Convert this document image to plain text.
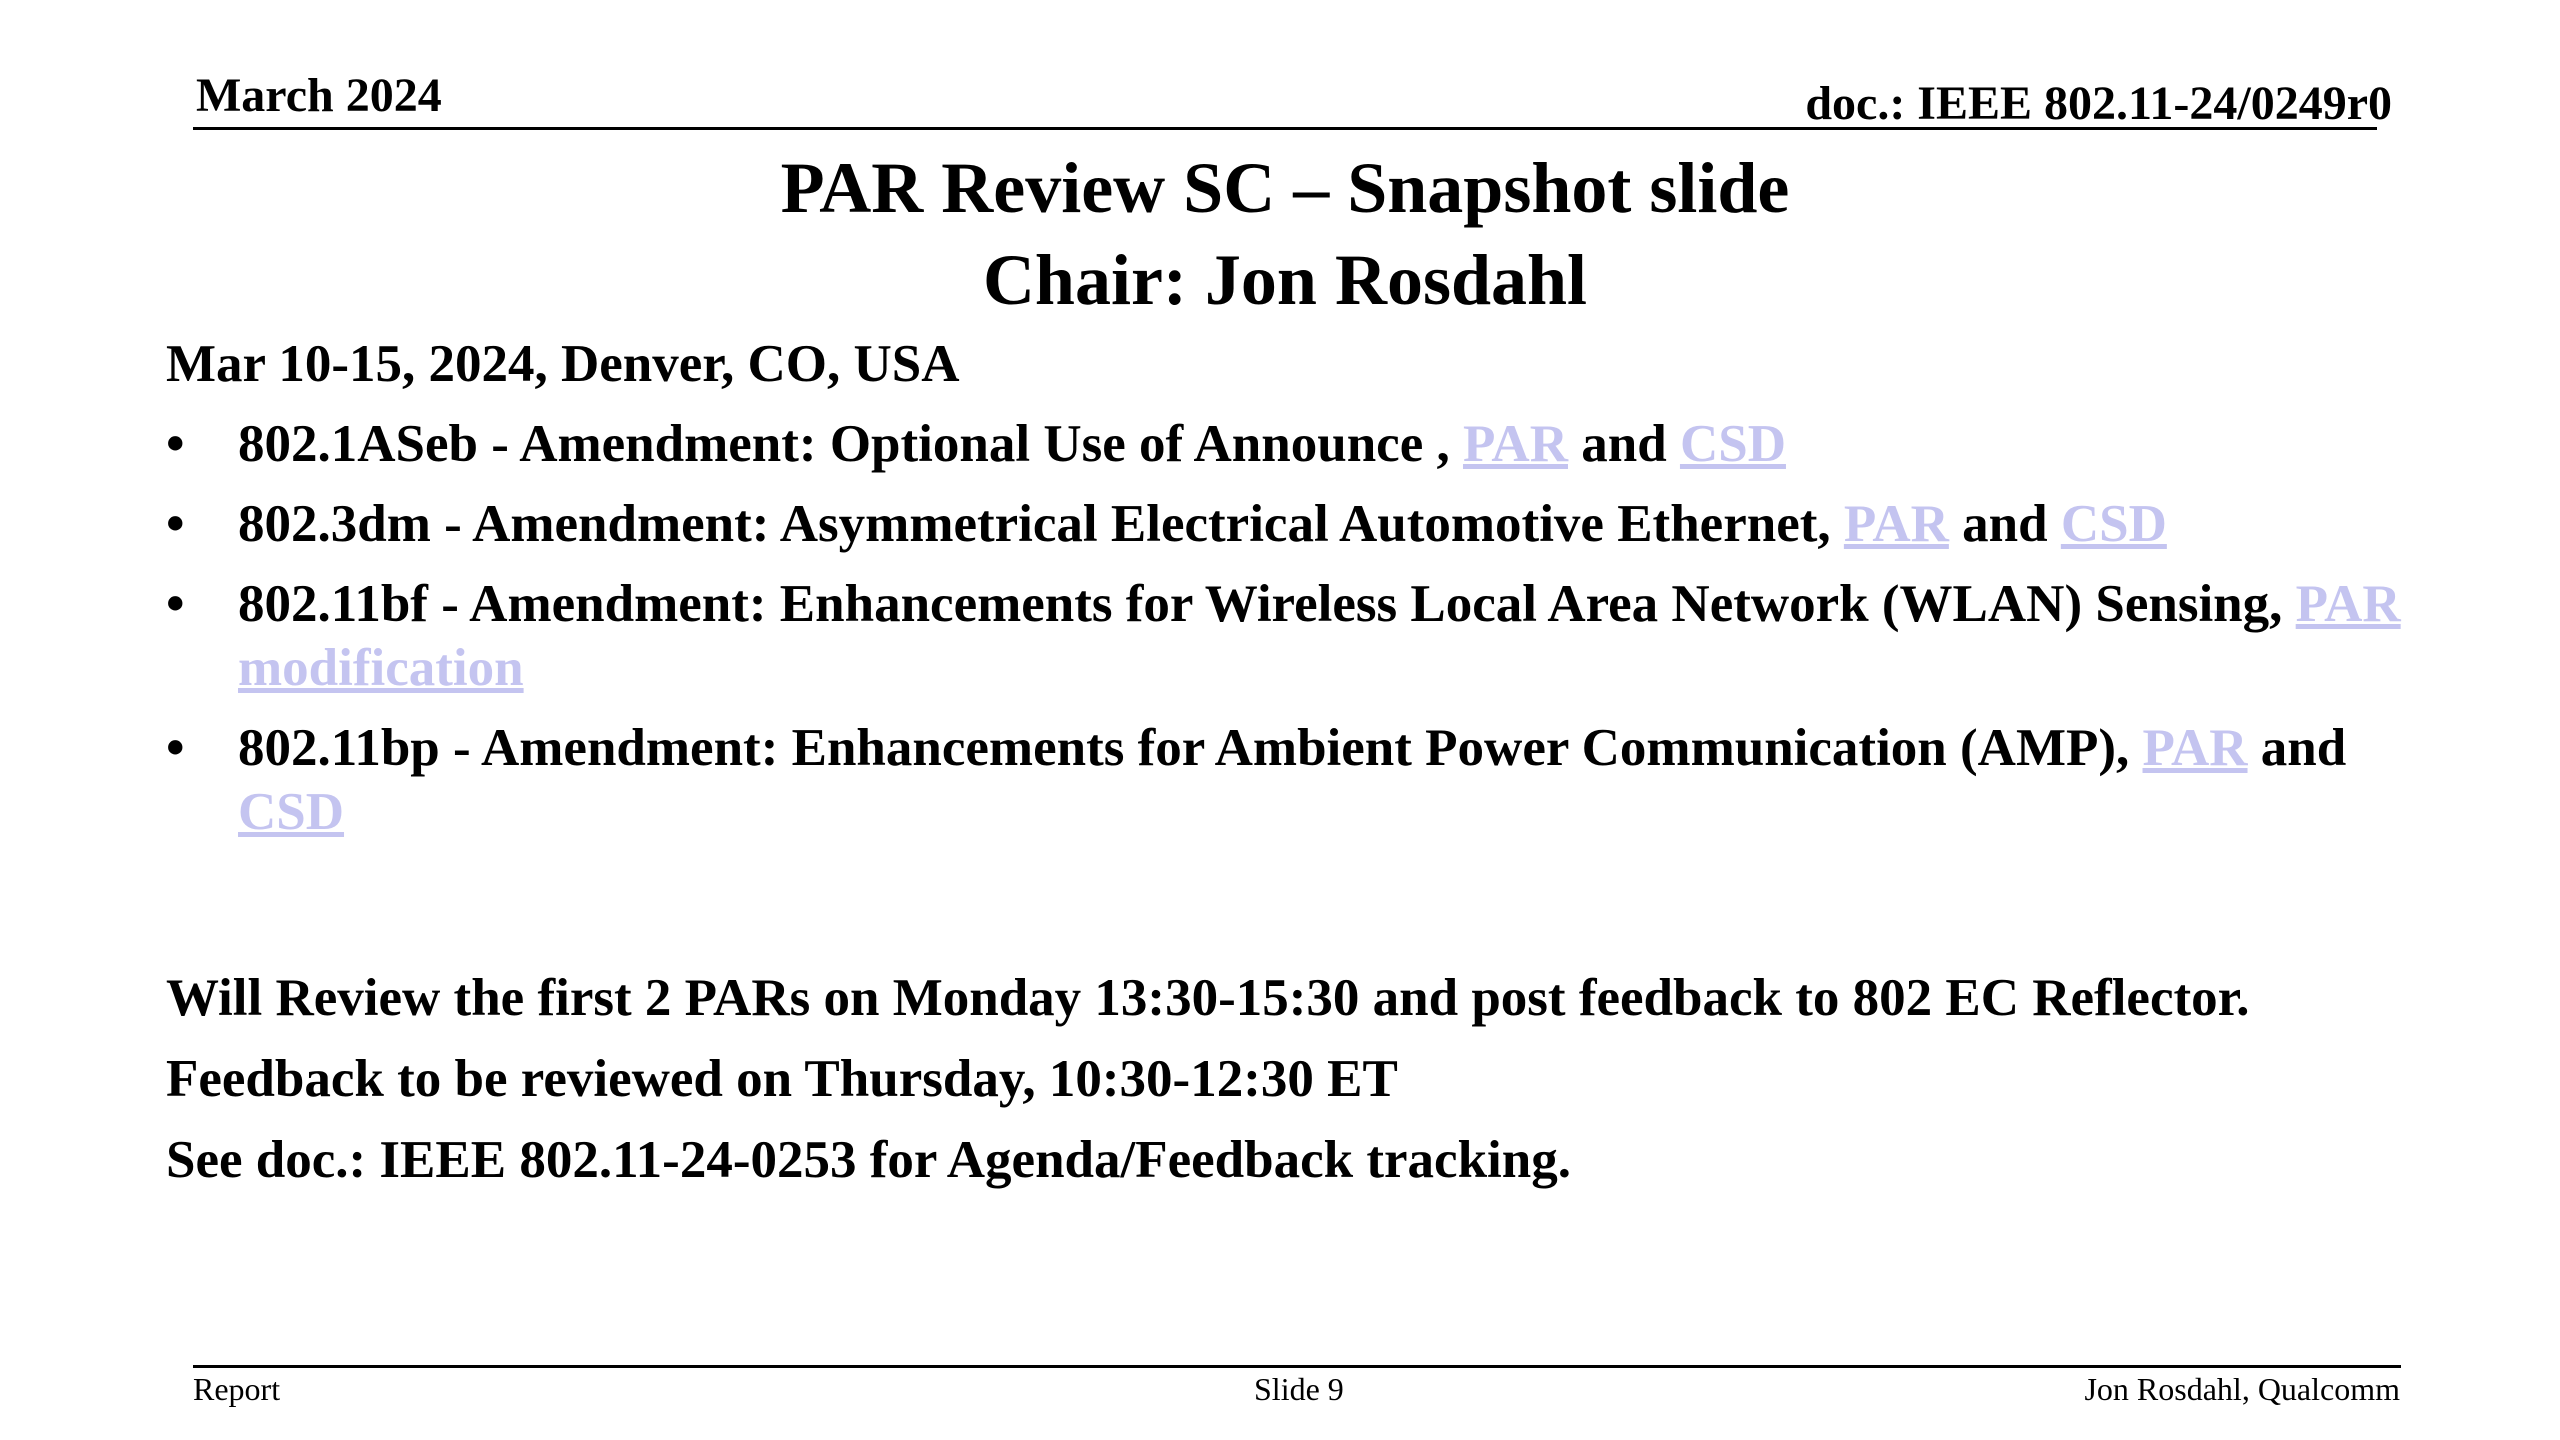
March 2024	doc.: IEEE 802.11-24/0249r0
PAR Review SC – Snapshot slide
Chair: Jon Rosdahl
Mar 10-15, 2024, Denver, CO, USA
• 802.1ASeb - Amendment: Optional Use of Announce , PAR and CSD
• 802.3dm - Amendment: Asymmetrical Electrical Automotive Ethernet, PAR and CSD
• 802.11bf - Amendment: Enhancements for Wireless Local Area Network (WLAN) Sensing, PAR modification
• 802.11bp - Amendment: Enhancements for Ambient Power Communication (AMP), PAR and CSD

Will Review the first 2 PARs on Monday 13:30-15:30 and post feedback to 802 EC Reflector.

Feedback to be reviewed on Thursday, 10:30-12:30 ET

See doc.: IEEE 802.11-24-0253 for Agenda/Feedback tracking.

Report	Slide 9	Jon Rosdahl, Qualcomm
